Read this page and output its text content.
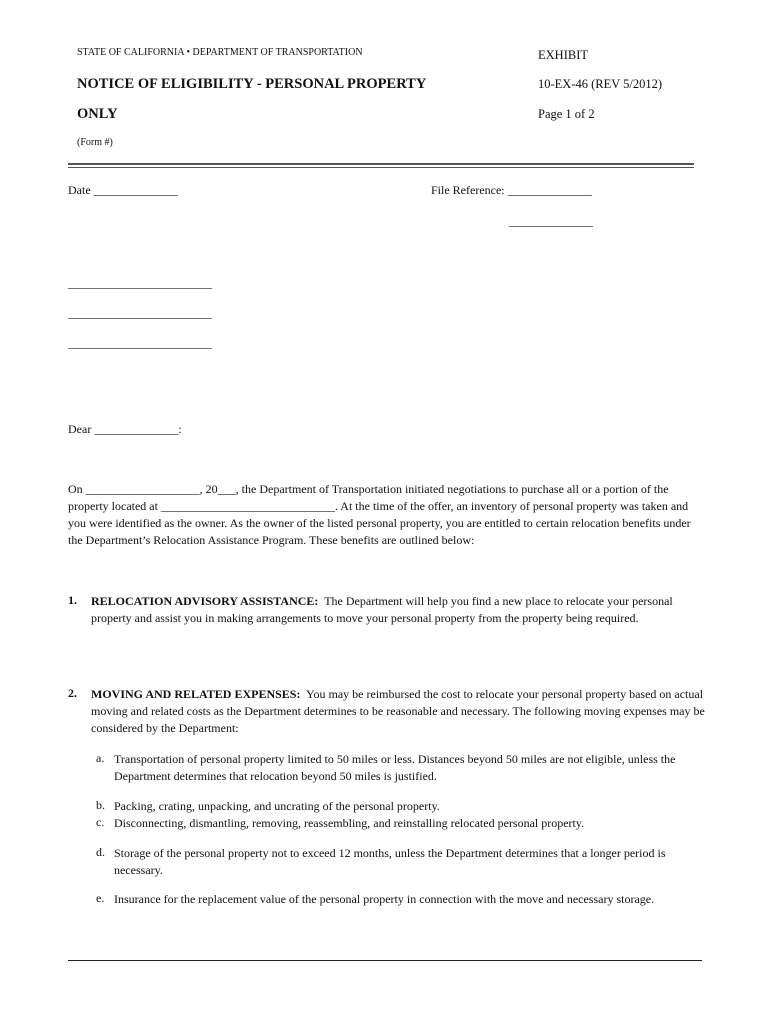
STATE OF CALIFORNIA • DEPARTMENT OF TRANSPORTATION
NOTICE OF ELIGIBILITY - PERSONAL PROPERTY
ONLY
(Form #)
EXHIBIT
10-EX-46 (REV 5/2012)
Page 1 of 2
Date ______________	File Reference: ______________
______________
________________________
________________________
________________________
Dear ______________:
On ___________________, 20___, the Department of Transportation initiated negotiations to purchase all or a portion of the property located at _____________________________. At the time of the offer, an inventory of personal property was taken and you were identified as the owner. As the owner of the listed personal property, you are entitled to certain relocation benefits under the Department’s Relocation Assistance Program. These benefits are outlined below:
1. RELOCATION ADVISORY ASSISTANCE: The Department will help you find a new place to relocate your personal property and assist you in making arrangements to move your personal property from the property being required.
2. MOVING AND RELATED EXPENSES: You may be reimbursed the cost to relocate your personal property based on actual moving and related costs as the Department determines to be reasonable and necessary. The following moving expenses may be considered by the Department:
a. Transportation of personal property limited to 50 miles or less. Distances beyond 50 miles are not eligible, unless the Department determines that relocation beyond 50 miles is justified.
b. Packing, crating, unpacking, and uncrating of the personal property.
c. Disconnecting, dismantling, removing, reassembling, and reinstalling relocated personal property.
d. Storage of the personal property not to exceed 12 months, unless the Department determines that a longer period is necessary.
e. Insurance for the replacement value of the personal property in connection with the move and necessary storage.
